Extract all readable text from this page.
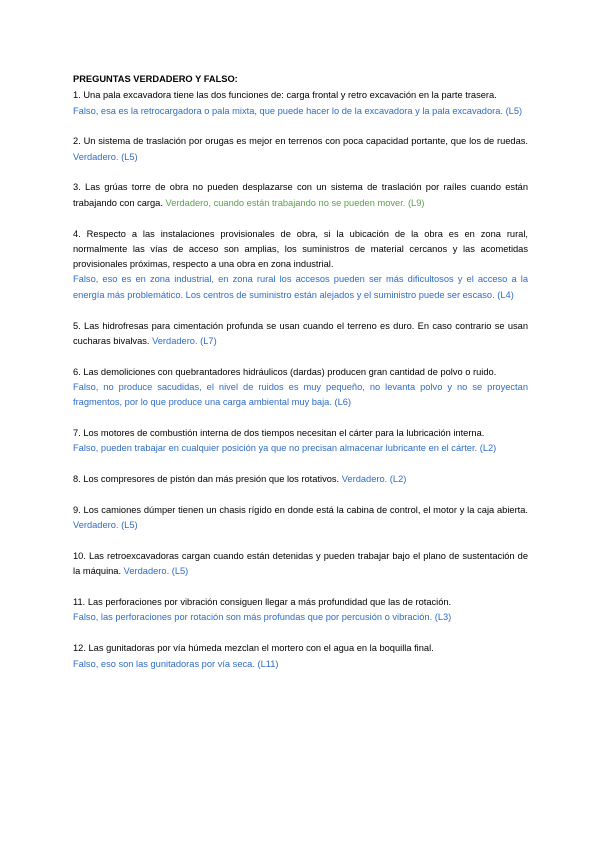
PREGUNTAS VERDADERO Y FALSO:
1. Una pala excavadora tiene las dos funciones de: carga frontal y retro excavación en la parte trasera.
Falso, esa es la retrocargadora o pala mixta, que puede hacer lo de la excavadora y la pala excavadora. (L5)
2. Un sistema de traslación por orugas es mejor en terrenos con poca capacidad portante, que los de ruedas. Verdadero. (L5)
3. Las grúas torre de obra no pueden desplazarse con un sistema de traslación por raíles cuando están trabajando con carga. Verdadero, cuando están trabajando no se pueden mover. (L9)
4. Respecto a las instalaciones provisionales de obra, si la ubicación de la obra es en zona rural, normalmente las vías de acceso son amplias, los suministros de material cercanos y las acometidas provisionales próximas, respecto a una obra en zona industrial.
Falso, eso es en zona industrial, en zona rural los accesos pueden ser más dificultosos y el acceso a la energía más problemático. Los centros de suministro están alejados y el suministro puede ser escaso. (L4)
5. Las hidrofresas para cimentación profunda se usan cuando el terreno es duro. En caso contrario se usan cucharas bivalvas. Verdadero. (L7)
6. Las demoliciones con quebrantadores hidráulicos (dardas) producen gran cantidad de polvo o ruido.
Falso, no produce sacudidas, el nivel de ruidos es muy pequeño, no levanta polvo y no se proyectan fragmentos, por lo que produce una carga ambiental muy baja. (L6)
7. Los motores de combustión interna de dos tiempos necesitan el cárter para la lubricación interna.
Falso, pueden trabajar en cualquier posición ya que no precisan almacenar lubricante en el cárter. (L2)
8. Los compresores de pistón dan más presión que los rotativos. Verdadero. (L2)
9. Los camiones dúmper tienen un chasis rígido en donde está la cabina de control, el motor y la caja abierta. Verdadero. (L5)
10. Las retroexcavadoras cargan cuando están detenidas y pueden trabajar bajo el plano de sustentación de la máquina. Verdadero. (L5)
11. Las perforaciones por vibración consiguen llegar a más profundidad que las de rotación.
Falso, las perforaciones por rotación son más profundas que por percusión o vibración. (L3)
12. Las gunitadoras por vía húmeda mezclan el mortero con el agua en la boquilla final.
Falso, eso son las gunitadoras por vía seca. (L11)
